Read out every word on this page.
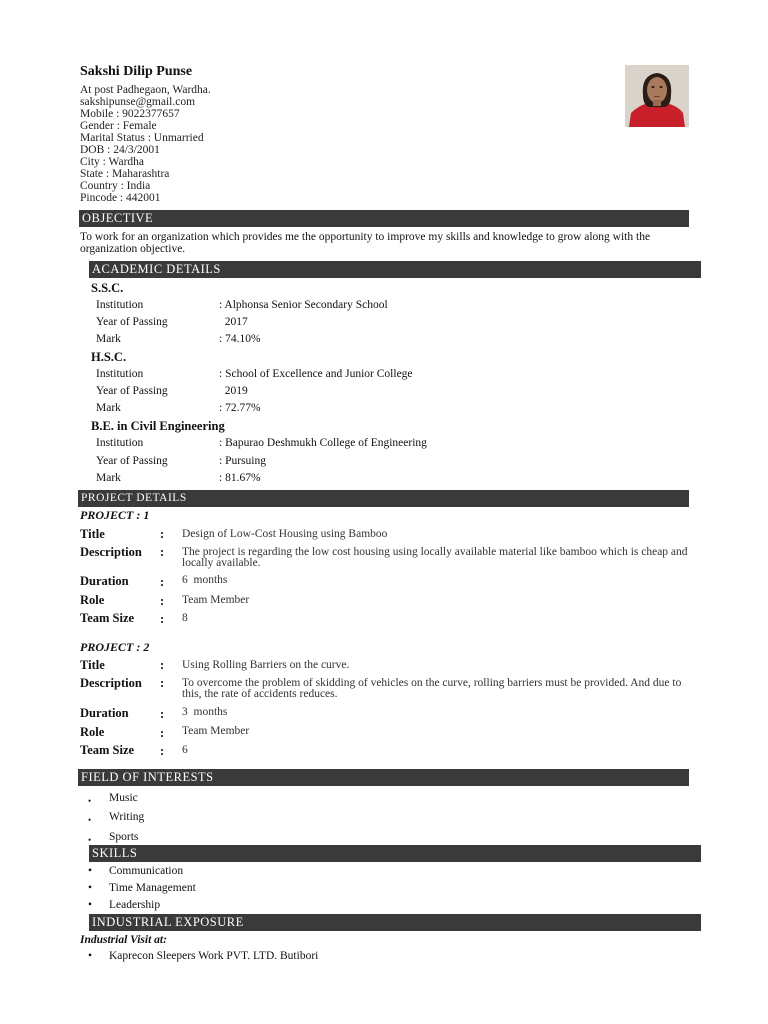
Sakshi Dilip Punse
At post Padhegaon, Wardha.
sakshipunse@gmail.com
Mobile : 9022377657
Gender : Female
Marital Status : Unmarried
DOB : 24/3/2001
City : Wardha
State : Maharashtra
Country : India
Pincode : 442001
OBJECTIVE
To work for an organization which provides me the opportunity to improve my skills and knowledge to grow along with the organization objective.
ACADEMIC DETAILS
S.S.C.
Institution	: Alphonsa Senior Secondary School
Year of Passing	2017
Mark	: 74.10%
H.S.C.
Institution	: School of Excellence and Junior College
Year of Passing	2019
Mark	: 72.77%
B.E. in Civil Engineering
Institution	: Bapurao Deshmukh College of Engineering
Year of Passing	: Pursuing
Mark	: 81.67%
PROJECT DETAILS
PROJECT : 1
Title	: Design of Low-Cost Housing using Bamboo
Description : The project is regarding the low cost housing using locally available material like bamboo which is cheap and locally available.
Duration	: 6  months
Role	: Team Member
Team Size : 8
PROJECT : 2
Title	: Using Rolling Barriers on the curve.
Description : To overcome the problem of skidding of vehicles on the curve, rolling barriers must be provided. And due to this, the rate of accidents reduces.
Duration	: 3  months
Role	: Team Member
Team Size : 6
FIELD OF INTERESTS
• Music
• Writing
• Sports
SKILLS
• Communication
• Time Management
• Leadership
INDUSTRIAL EXPOSURE
Industrial Visit at:
• Kaprecon Sleepers Work PVT. LTD. Butibori
